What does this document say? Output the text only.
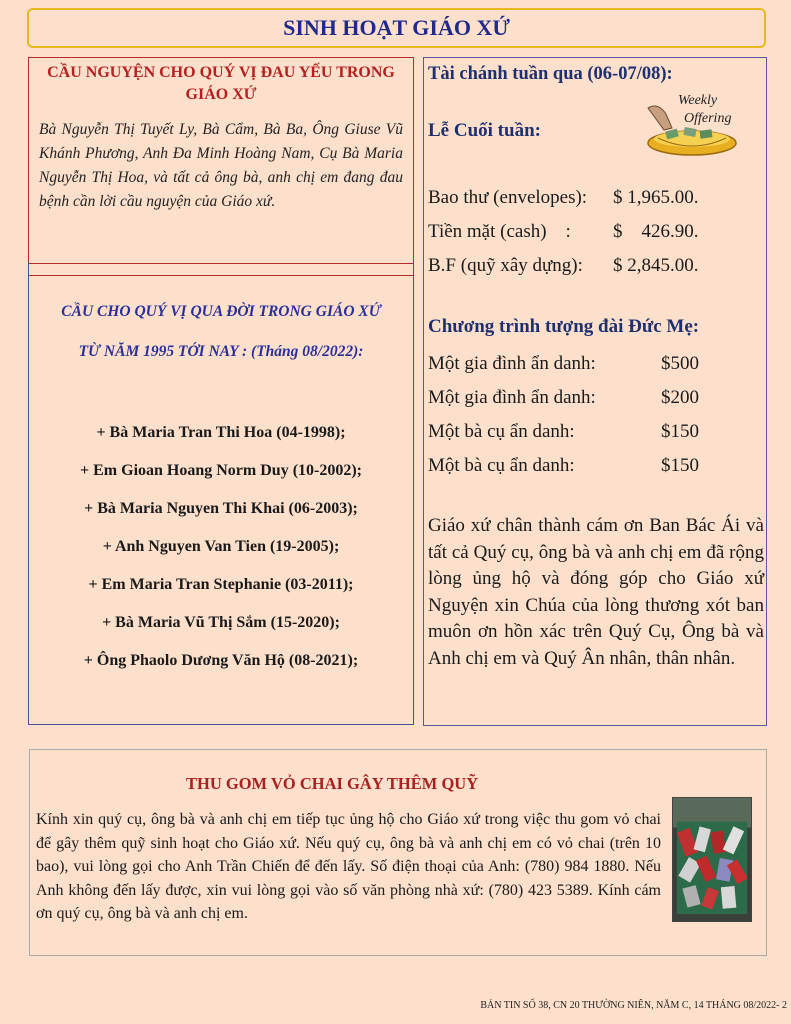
SINH HOẠT GIÁO XỨ
CẦU NGUYỆN CHO QUÝ VỊ ĐAU YẾU TRONG GIÁO XỨ
Bà Nguyễn Thị Tuyết Ly, Bà Cẩm, Bà Ba, Ông Giuse Vũ Khánh Phương, Anh Đa Minh Hoàng Nam, Cụ Bà Maria Nguyễn Thị Hoa, và tất cả ông bà, anh chị em đang đau bệnh cần lời cầu nguyện của Giáo xứ.
CẦU CHO QUÝ VỊ QUA ĐỜI TRONG GIÁO XỨ
TỪ NĂM 1995 TỚI NAY : (Tháng 08/2022):
+ Bà Maria Tran Thi Hoa (04-1998);
+ Em Gioan Hoang Norm Duy (10-2002);
+ Bà Maria Nguyen Thi Khai (06-2003);
+ Anh Nguyen Van Tien (19-2005);
+ Em Maria Tran Stephanie (03-2011);
+ Bà Maria Vũ Thị Sắm (15-2020);
+ Ông Phaolo Dương Văn Hộ (08-2021);
Tài chánh tuần qua (06-07/08):
Lễ Cuối tuần:
Weekly
Offering
Bao thư (envelopes): $ 1,965.00.
Tiền mặt (cash)    : $    426.90.
B.F (quỹ xây dựng): $ 2,845.00.
Chương trình tượng đài Đức Mẹ:
Một gia đình ẩn danh:	$500
Một gia đình ẩn danh:	$200
Một bà cụ ẩn danh:	$150
Một bà cụ ẩn danh:	$150
Giáo xứ chân thành cám ơn Ban Bác Ái và tất cả Quý cụ, ông bà và anh chị em đã rộng lòng ủng hộ và đóng góp cho Giáo xứ Nguyện xin Chúa của lòng thương xót ban muôn ơn hồn xác trên Quý Cụ, Ông bà và Anh chị em và Quý Ân nhân, thân nhân.
THU GOM VỎ CHAI GÂY THÊM QUỸ
Kính xin quý cụ, ông bà và anh chị em tiếp tục ủng hộ cho Giáo xứ trong việc thu gom vỏ chai để gây thêm quỹ sinh hoạt cho Giáo xứ. Nếu quý cụ, ông bà và anh chị em có vỏ chai (trên 10 bao), vui lòng gọi cho Anh Trần Chiến để đến lấy. Số điện thoại của Anh: (780) 984 1880. Nếu Anh không đến lấy được, xin vui lòng gọi vào số văn phòng nhà xứ: (780) 423 5389. Kính cám ơn quý cụ, ông bà và anh chị em.
BẢN TIN SỐ 38, CN 20 THƯỜNG NIÊN, NĂM C, 14 THÁNG 08/2022- 2
